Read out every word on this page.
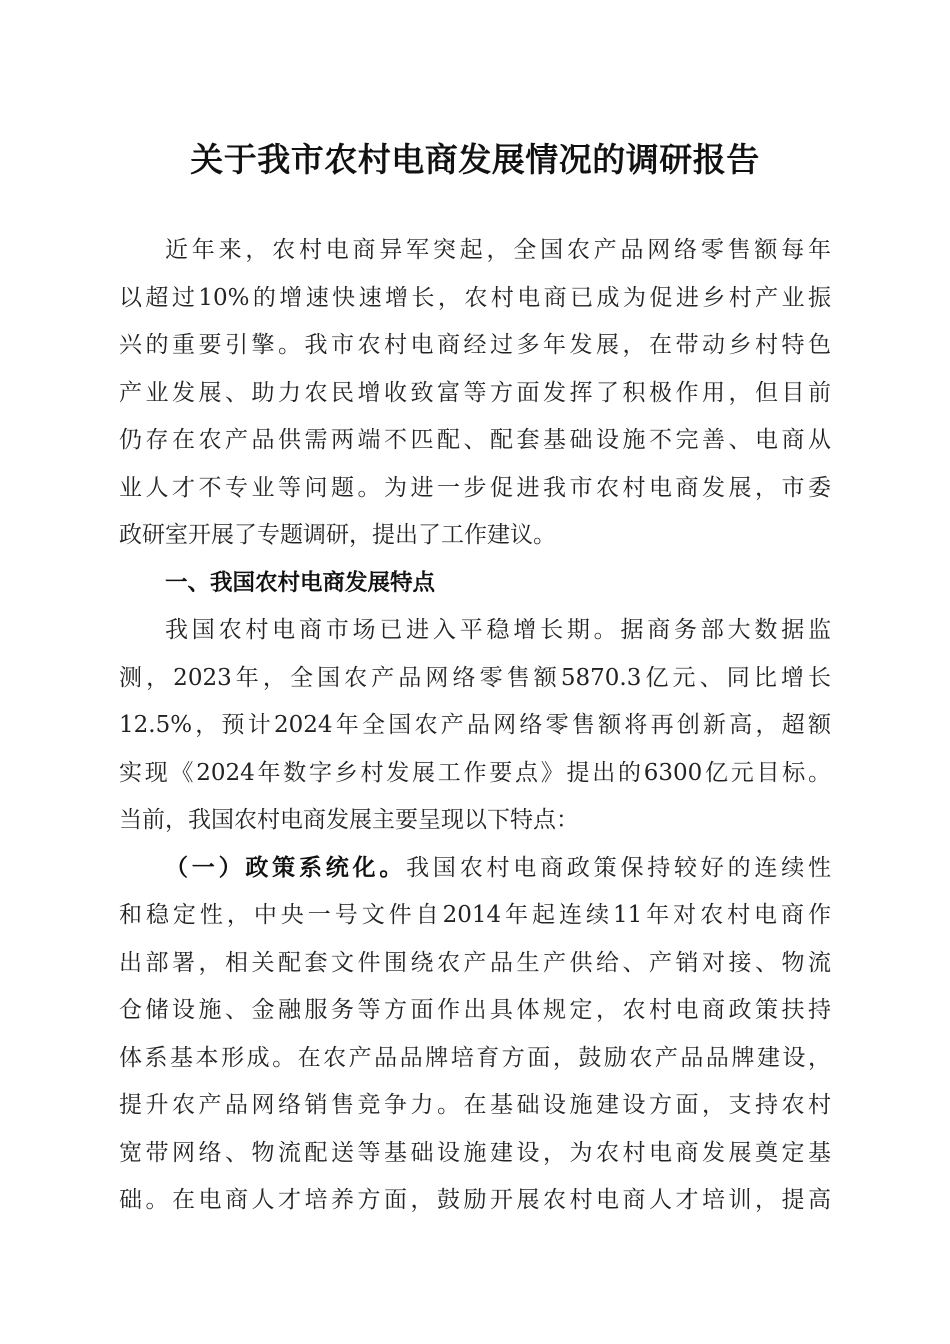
关于我市农村电商发展情况的调研报告
近年来，农村电商异军突起，全国农产品网络零售额每年
以超过10%的增速快速增长，农村电商已成为促进乡村产业振
兴的重要引擎。我市农村电商经过多年发展，在带动乡村特色
产业发展、助力农民增收致富等方面发挥了积极作用，但目前
仍存在农产品供需两端不匹配、配套基础设施不完善、电商从
业人才不专业等问题。为进一步促进我市农村电商发展，市委
政研室开展了专题调研，提出了工作建议。
一、我国农村电商发展特点
我国农村电商市场已进入平稳增长期。据商务部大数据监
测，2023年，全国农产品网络零售额5870.3亿元、同比增长
12.5%，预计2024年全国农产品网络零售额将再创新高，超额
实现《2024年数字乡村发展工作要点》提出的6300亿元目标。
当前，我国农村电商发展主要呈现以下特点：
（一）政策系统化。我国农村电商政策保持较好的连续性
和稳定性，中央一号文件自2014年起连续11年对农村电商作
出部署，相关配套文件围绕农产品生产供给、产销对接、物流
仓储设施、金融服务等方面作出具体规定，农村电商政策扶持
体系基本形成。在农产品品牌培育方面，鼓励农产品品牌建设，
提升农产品网络销售竞争力。在基础设施建设方面，支持农村
宽带网络、物流配送等基础设施建设，为农村电商发展奠定基
础。在电商人才培养方面，鼓励开展农村电商人才培训，提高
